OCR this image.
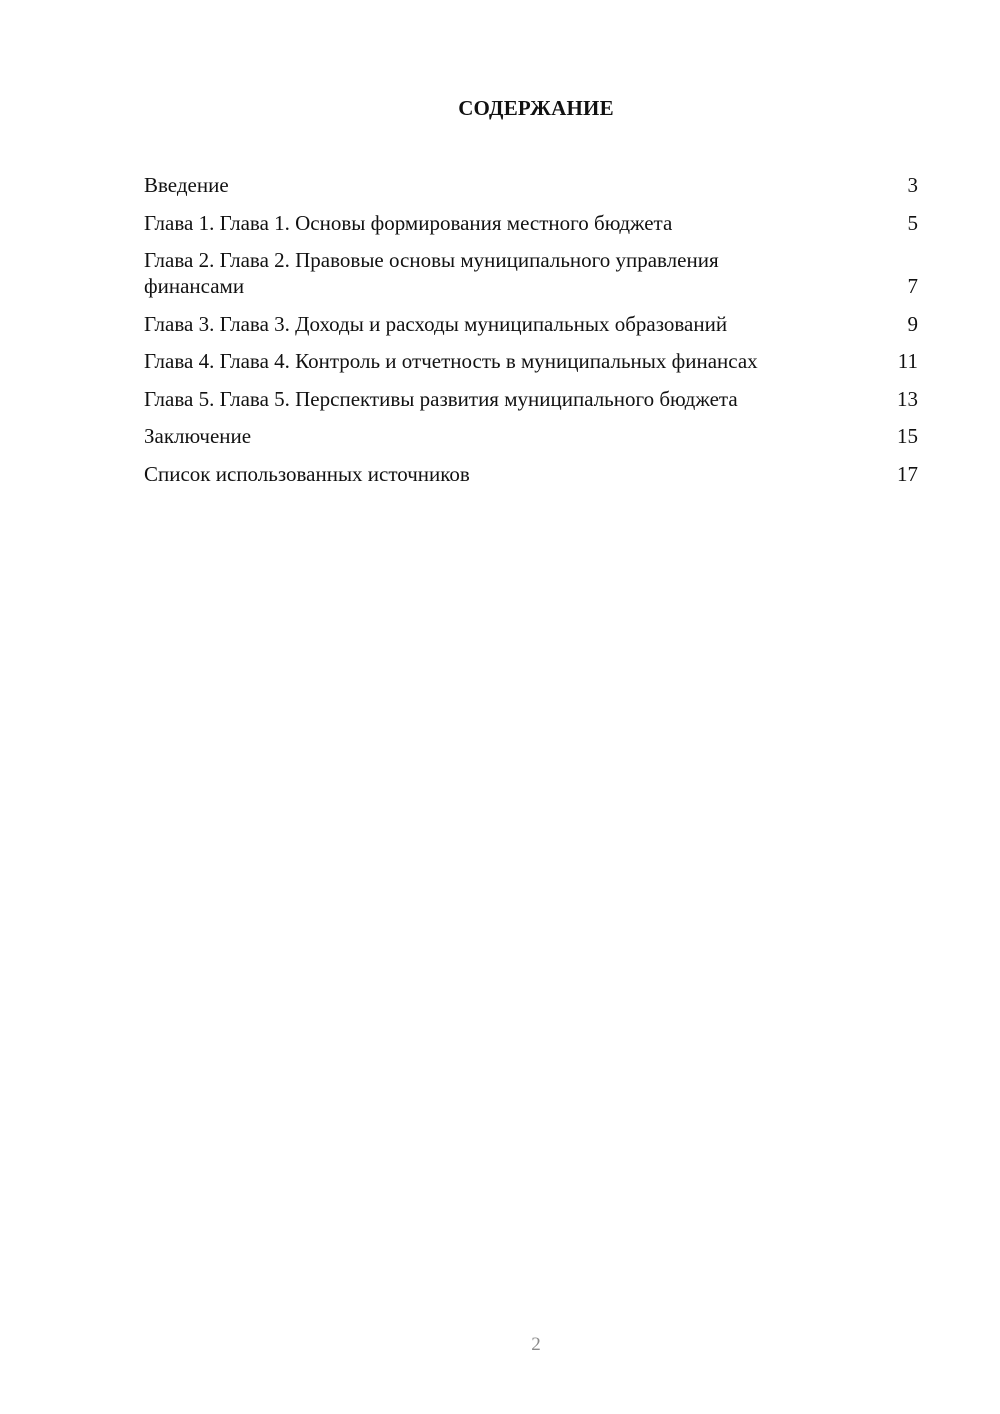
СОДЕРЖАНИЕ
Введение	3
Глава 1. Глава 1. Основы формирования местного бюджета	5
Глава 2. Глава 2. Правовые основы муниципального управления финансами	7
Глава 3. Глава 3. Доходы и расходы муниципальных образований	9
Глава 4. Глава 4. Контроль и отчетность в муниципальных финансах	11
Глава 5. Глава 5. Перспективы развития муниципального бюджета	13
Заключение	15
Список использованных источников	17
2
